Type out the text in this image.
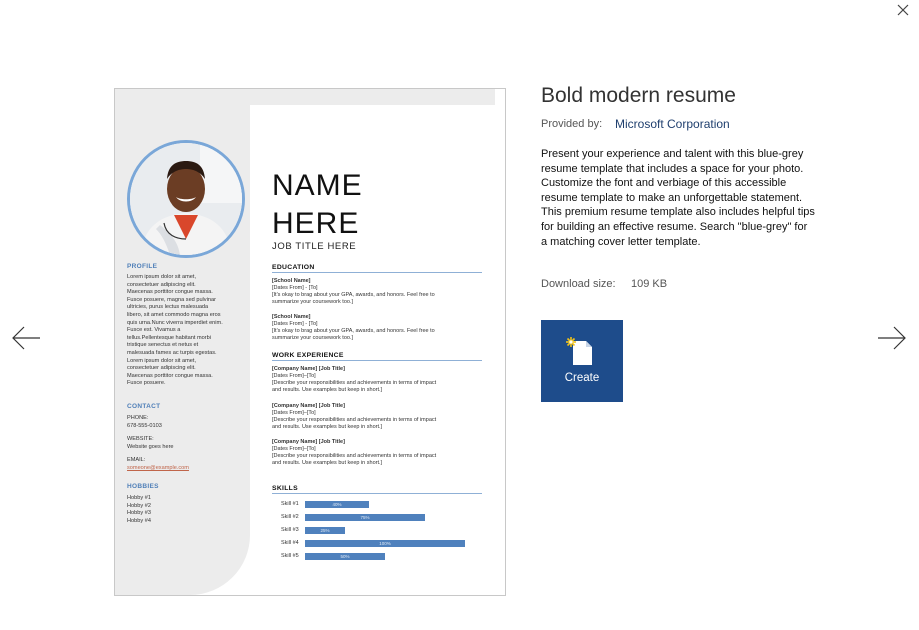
PROFILE
Lorem ipsum dolor sit amet,
consectetuer adipiscing elit.
Maecenas porttitor congue massa.
Fusce posuere, magna sed pulvinar
ultricies, purus lectus malesuada
libero, sit amet commodo magna eros
quis urna.Nunc viverra imperdiet enim.
Fusce est. Vivamus a
tellus.Pellentesque habitant morbi
tristique senectus et netus et
malesuada fames ac turpis egestas.
Lorem ipsum dolor sit amet,
consectetuer adipiscing elit.
Maecenas porttitor congue massa.
Fusce posuere.
CONTACT
PHONE:
678-555-0103
WEBSITE:
Website goes here
EMAIL:
someone@example.com
HOBBIES
Hobby #1
Hobby #2
Hobby #3
Hobby #4
NAME
HERE
JOB TITLE HERE
EDUCATION
[School Name]
[Dates From] - [To]
[It's okay to brag about your GPA, awards, and honors. Feel free to
summarize your coursework too.]
[School Name]
[Dates From] - [To]
[It's okay to brag about your GPA, awards, and honors. Feel free to
summarize your coursework too.]
WORK EXPERIENCE
[Company Name] [Job Title]
[Dates From]–[To]
[Describe your responsibilities and achievements in terms of impact
and results. Use examples but keep in short.]
[Company Name] [Job Title]
[Dates From]–[To]
[Describe your responsibilities and achievements in terms of impact
and results. Use examples but keep in short.]
[Company Name] [Job Title]
[Dates From]–[To]
[Describe your responsibilities and achievements in terms of impact
and results. Use examples but keep in short.]
SKILLS
Skill #1	40%
Skill #2	75%
Skill #3	25%
Skill #4	100%
Skill #5	50%
Bold modern resume
Provided by: Microsoft Corporation
Present your experience and talent with this blue-grey resume template that includes a space for your photo. Customize the font and verbiage of this accessible resume template to make an unforgettable statement. This premium resume template also includes helpful tips for building an effective resume. Search "blue-grey" for a matching cover letter template.
Download size: 109 KB
Create
